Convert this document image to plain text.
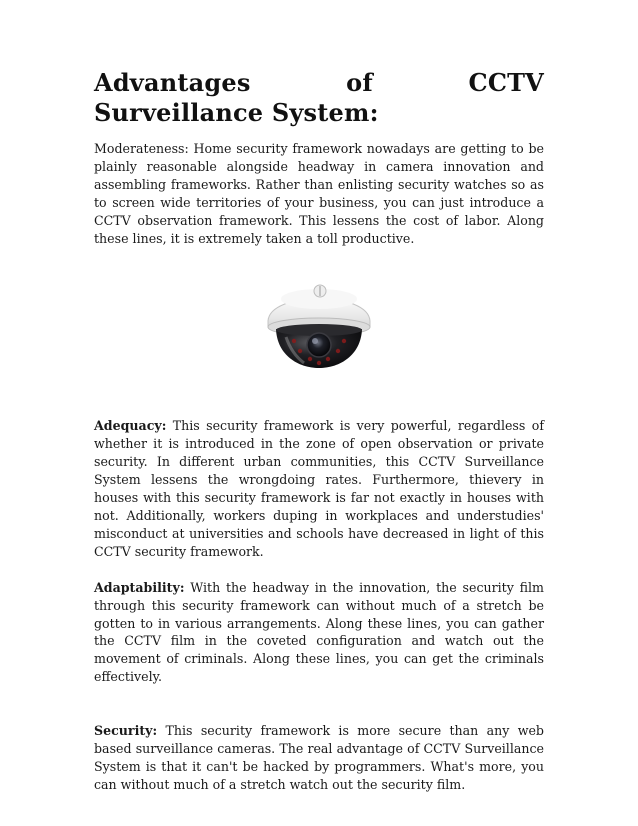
Advantages of CCTV Surveillance System:

Moderateness: Home security framework nowadays are getting to be plainly reasonable alongside headway in camera innovation and assembling frameworks. Rather than enlisting security watches so as to screen wide territories of your business, you can just introduce a CCTV observation framework. This lessens the cost of labor. Along these lines, it is extremely taken a toll productive.

Adequacy: This security framework is very powerful, regardless of whether it is introduced in the zone of open observation or private security. In different urban communities, this CCTV Surveillance System lessens the wrongdoing rates. Furthermore, thievery in houses with this security framework is far not exactly in houses with not. Additionally, workers duping in workplaces and understudies' misconduct at universities and schools have decreased in light of this CCTV security framework.

Adaptability: With the headway in the innovation, the security film through this security framework can without much of a stretch be gotten to in various arrangements. Along these lines, you can gather the CCTV film in the coveted configuration and watch out the movement of criminals. Along these lines, you can get the criminals effectively.

Security: This security framework is more secure than any web based surveillance cameras. The real advantage of CCTV Surveillance System is that it can't be hacked by programmers. What's more, you can without much of a stretch watch out the security film.
